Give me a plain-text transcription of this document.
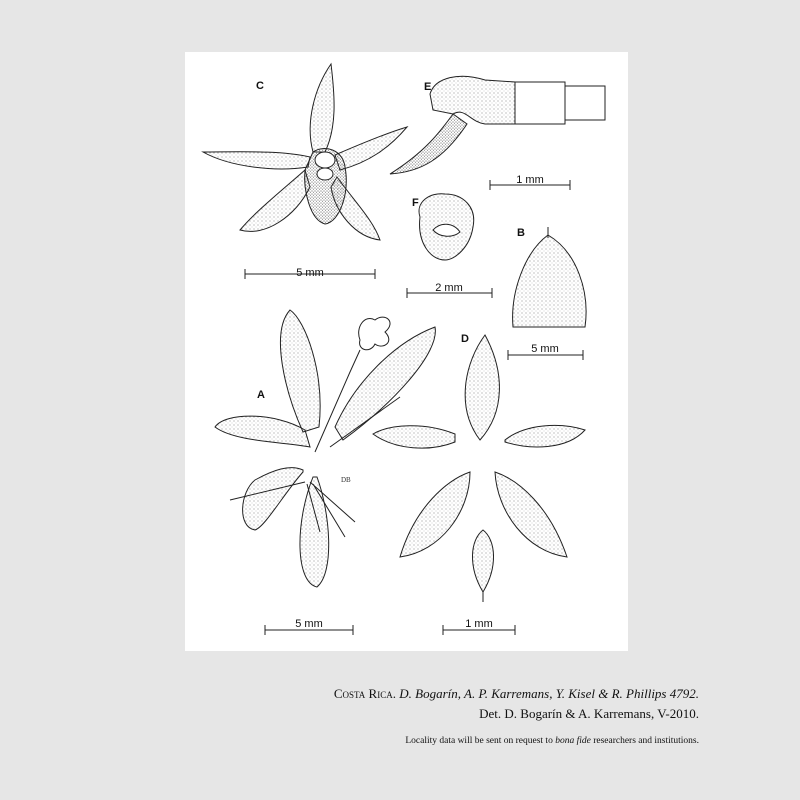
DB
C	E
F
B
D
A
5 mm
1 mm
2 mm
5 mm
5 mm	1 mm
Costa Rica. D. Bogarín, A. P. Karremans, Y. Kisel & R. Phillips 4792.
Det. D. Bogarín & A. Karremans, V-2010.
Locality data will be sent on request to bona fide researchers and institutions.
